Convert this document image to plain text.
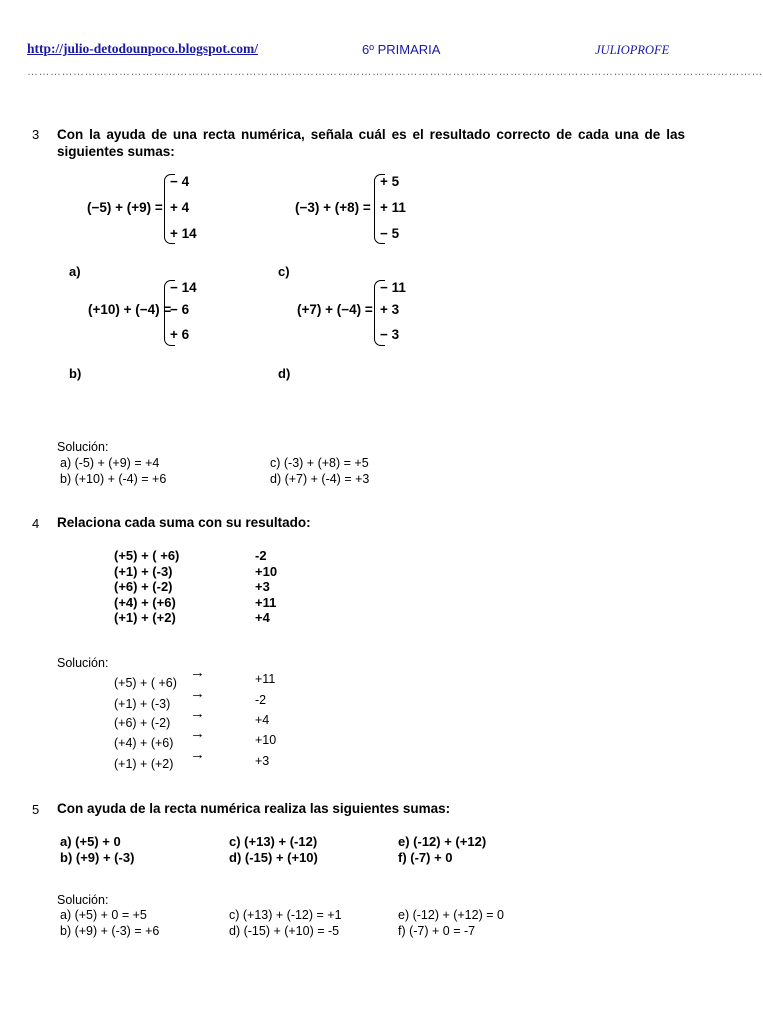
http://julio-detodounpoco.blogspot.com/	6º PRIMARIA	JULIOPROFE
…………………………………………………………………………………………………………………………………………………………………………
3 Con la ayuda de una recta numérica, señala cuál es el resultado correcto de cada una de las siguientes sumas:
(−5) + (+9) =
− 4
+ 4
+ 14
a)
(−3) + (+8) =
+ 5
+ 11
− 5
c)
(+10) + (−4) =
− 14
− 6
+ 6
b)
(+7) + (−4) =
− 11
+ 3
− 3
d)
Solución:
a) (-5) + (+9) = +4
b) (+10) + (-4) = +6
c) (-3) + (+8) = +5
d) (+7) + (-4) = +3
4 Relaciona cada suma con su resultado:
(+5) + ( +6)
(+1) + (-3)
(+6) + (-2)
(+4) + (+6)
(+1) + (+2)
-2
+10
+3
+11
+4
Solución:
(+5) + ( +6)
(+1) + (-3)
(+6) + (-2)
(+4) + (+6)
(+1) + (+2)
→
→
→
→
→
+11
-2
+4
+10
+3
5 Con ayuda de la recta numérica realiza las siguientes sumas:
a) (+5) + 0
b) (+9) + (-3)
c) (+13) + (-12)
d) (-15) + (+10)
e) (-12) + (+12)
f) (-7) + 0
Solución:
a) (+5) + 0 = +5
b) (+9) + (-3) = +6
c) (+13) + (-12) = +1
d) (-15) + (+10) = -5
e) (-12) + (+12) = 0
f) (-7) + 0 = -7
